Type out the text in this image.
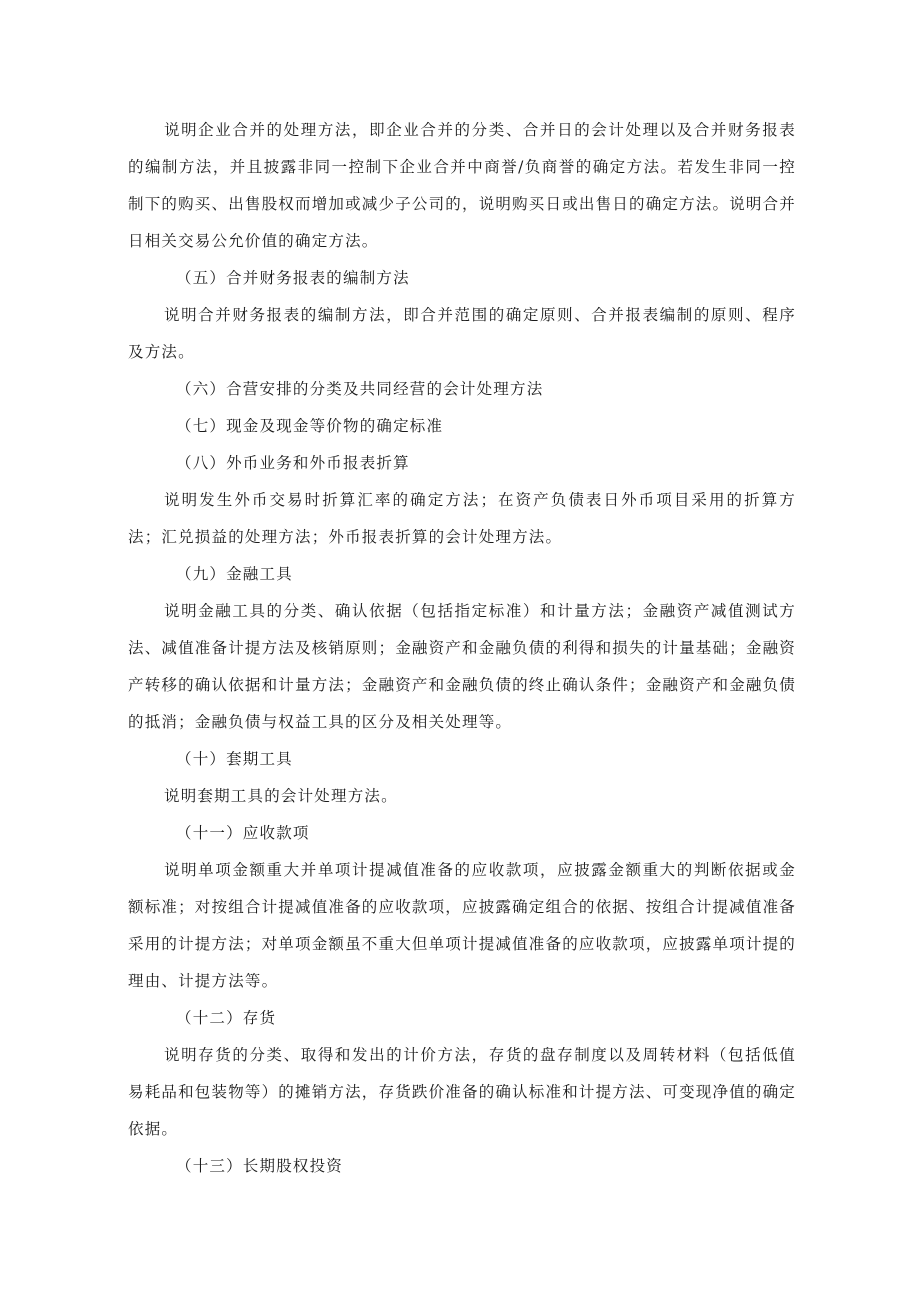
说明企业合并的处理方法，即企业合并的分类、合并日的会计处理以及合并财务报表的编制方法，并且披露非同一控制下企业合并中商誉/负商誉的确定方法。若发生非同一控制下的购买、出售股权而增加或减少子公司的，说明购买日或出售日的确定方法。说明合并日相关交易公允价值的确定方法。

（五）合并财务报表的编制方法

说明合并财务报表的编制方法，即合并范围的确定原则、合并报表编制的原则、程序及方法。

（六）合营安排的分类及共同经营的会计处理方法

（七）现金及现金等价物的确定标准

（八）外币业务和外币报表折算

说明发生外币交易时折算汇率的确定方法；在资产负债表日外币项目采用的折算方法；汇兑损益的处理方法；外币报表折算的会计处理方法。

（九）金融工具

说明金融工具的分类、确认依据（包括指定标准）和计量方法；金融资产减值测试方法、减值准备计提方法及核销原则；金融资产和金融负债的利得和损失的计量基础；金融资产转移的确认依据和计量方法；金融资产和金融负债的终止确认条件；金融资产和金融负债的抵消；金融负债与权益工具的区分及相关处理等。

（十）套期工具

说明套期工具的会计处理方法。

（十一）应收款项

说明单项金额重大并单项计提减值准备的应收款项，应披露金额重大的判断依据或金额标准；对按组合计提减值准备的应收款项，应披露确定组合的依据、按组合计提减值准备采用的计提方法；对单项金额虽不重大但单项计提减值准备的应收款项，应披露单项计提的理由、计提方法等。

（十二）存货

说明存货的分类、取得和发出的计价方法，存货的盘存制度以及周转材料（包括低值易耗品和包装物等）的摊销方法，存货跌价准备的确认标准和计提方法、可变现净值的确定依据。

（十三）长期股权投资
